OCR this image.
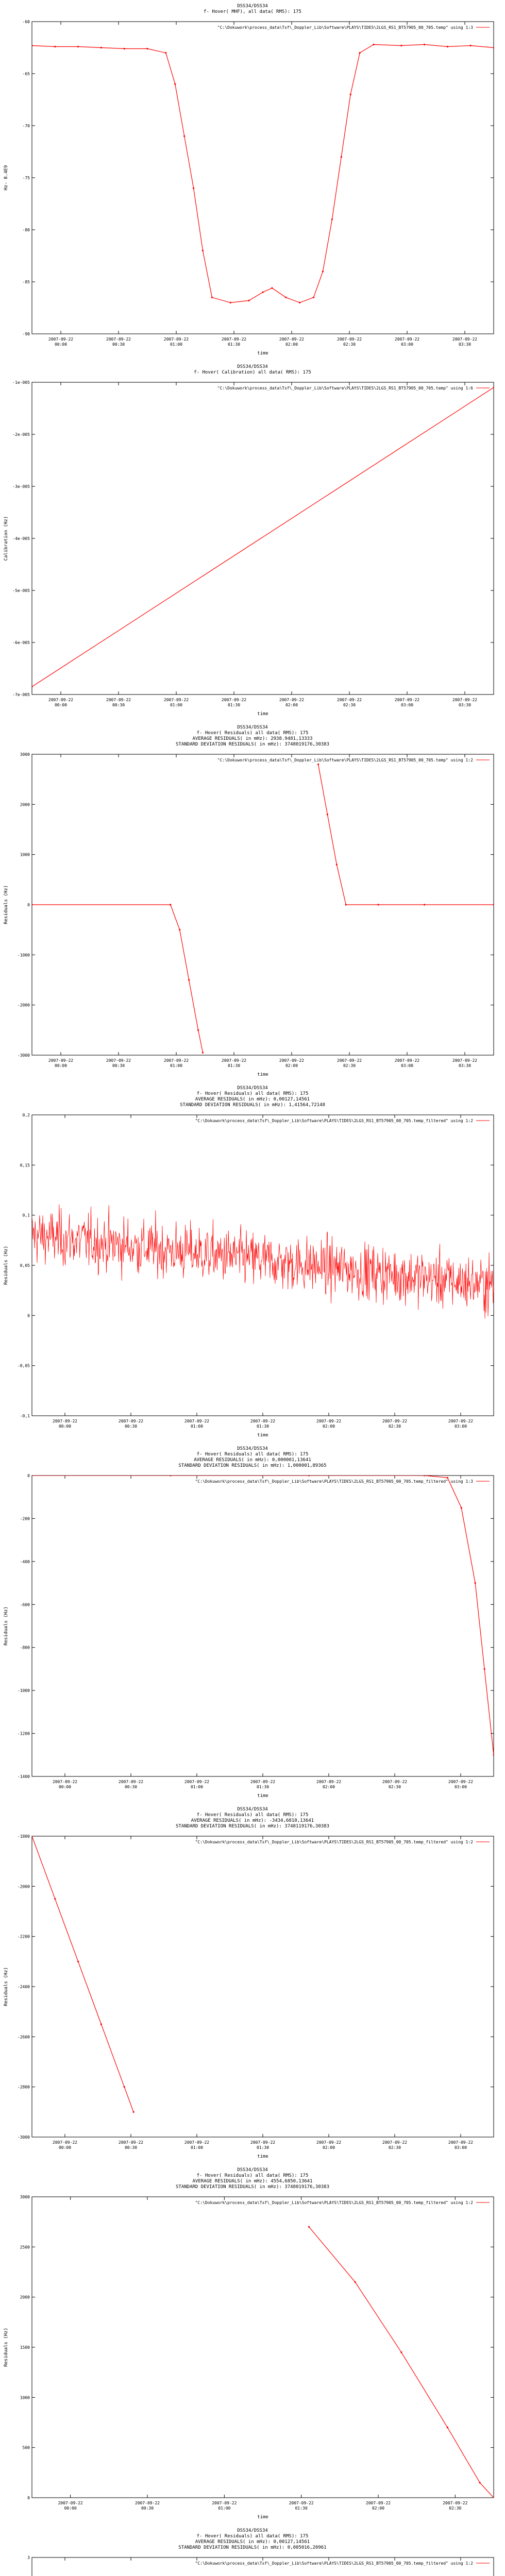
DSS34/DSS34
f- Hover( MHF), all data( RMS): 175
-90
-85
-80
-75
-70
-65
-60
2007-09-22
00:00
2007-09-22
00:30
2007-09-22
01:00
2007-09-22
01:30
2007-09-22
02:00
2007-09-22
02:30
2007-09-22
03:00
2007-09-22
03:30
time
Hz- 8.4E9
"C:\Dokuwork\process_data\Tsf\_Doppler_Lib\Software\PLAYS\TIDES\2LGS_RS1_BT57905_00_705.temp" using 1:3
DSS34/DSS34
f- Hover( Calibration) all data( RMS): 175
-7e-005
-6e-005
-5e-005
-4e-005
-3e-005
-2e-005
-1e-005
2007-09-22
00:00
2007-09-22
00:30
2007-09-22
01:00
2007-09-22
01:30
2007-09-22
02:00
2007-09-22
02:30
2007-09-22
03:00
2007-09-22
03:30
time
Calibration (Hz)
"C:\Dokuwork\process_data\Tsf\_Doppler_Lib\Software\PLAYS\TIDES\2LGS_RS1_BT57905_00_705.temp" using 1:6
DSS34/DSS34
f- Hover( Residuals) all data( RMS): 175
AVERAGE RESIDUALS( in mHz): 2938.9481,13333
STANDARD DEVIATION RESIDUALS( in mHz): 3748019176,30383
-3000
-2000
-1000
0
1000
2000
3000
2007-09-22
00:00
2007-09-22
00:30
2007-09-22
01:00
2007-09-22
01:30
2007-09-22
02:00
2007-09-22
02:30
2007-09-22
03:00
2007-09-22
03:30
time
Residuals (Hz)
"C:\Dokuwork\process_data\Tsf\_Doppler_Lib\Software\PLAYS\TIDES\2LGS_RS1_BT57905_00_705.temp" using 1:2
DSS34/DSS34
f- Hover( Residuals) all data( RMS): 175
AVERAGE RESIDUALS( in mHz): 0,00127,14561
STANDARD DEVIATION RESIDUALS( in mHz): 1,41564,72148
-0,1
-0,05
0
0,05
0,1
0,15
0,2
2007-09-22
00:00
2007-09-22
00:30
2007-09-22
01:00
2007-09-22
01:30
2007-09-22
02:00
2007-09-22
02:30
2007-09-22
03:00
time
Residuals (Hz)
"C:\Dokuwork\process_data\Tsf\_Doppler_Lib\Software\PLAYS\TIDES\2LGS_RS1_BT57905_00_705.temp_filtered" using 1:2
DSS34/DSS34
f- Hover( Residuals) all data( RMS): 175
AVERAGE RESIDUALS( in mHz): 0,000001,13641
STANDARD DEVIATION RESIDUALS( in mHz): 1,000001,89365
-1400
-1200
-1000
-800
-600
-400
-200
0
2007-09-22
00:00
2007-09-22
00:30
2007-09-22
01:00
2007-09-22
01:30
2007-09-22
02:00
2007-09-22
02:30
2007-09-22
03:00
time
Residuals (Hz)
"C:\Dokuwork\process_data\Tsf\_Doppler_Lib\Software\PLAYS\TIDES\2LGS_RS1_BT57905_00_705.temp_filtered" using 1:3
DSS34/DSS34
f- Hover( Residuals) all data( RMS): 175
AVERAGE RESIDUALS( in mHz): -3434,6810,13641
STANDARD DEVIATION RESIDUALS( in mHz): 3748119176,30383
-3000
-2800
-2600
-2400
-2200
-2000
-1800
2007-09-22
00:00
2007-09-22
00:30
2007-09-22
01:00
2007-09-22
01:30
2007-09-22
02:00
2007-09-22
02:30
2007-09-22
03:00
time
Residuals (Hz)
"C:\Dokuwork\process_data\Tsf\_Doppler_Lib\Software\PLAYS\TIDES\2LGS_RS1_BT57905_00_705.temp_filtered" using 1:2
DSS34/DSS34
f- Hover( Residuals) all data( RMS): 175
AVERAGE RESIDUALS( in mHz): 4554,6850,13641
STANDARD DEVIATION RESIDUALS( in mHz): 3748019176,30383
0
500
1000
1500
2000
2500
3000
2007-09-22
00:00
2007-09-22
00:30
2007-09-22
01:00
2007-09-22
01:30
2007-09-22
02:00
2007-09-22
02:30
time
Residuals (Hz)
"C:\Dokuwork\process_data\Tsf\_Doppler_Lib\Software\PLAYS\TIDES\2LGS_RS1_BT57905_00_705.temp_filtered" using 1:2
DSS34/DSS34
f- Hover( Residuals) all data( RMS): 175
AVERAGE RESIDUALS( in mHz): 0,00127,14561
STANDARD DEVIATION RESIDUALS( in mHz): 0,005016,20961
3
"C:\Dokuwork\process_data\Tsf\_Doppler_Lib\Software\PLAYS\TIDES\2LGS_RS1_BT57905_00_705.temp_filtered" using 1:2
